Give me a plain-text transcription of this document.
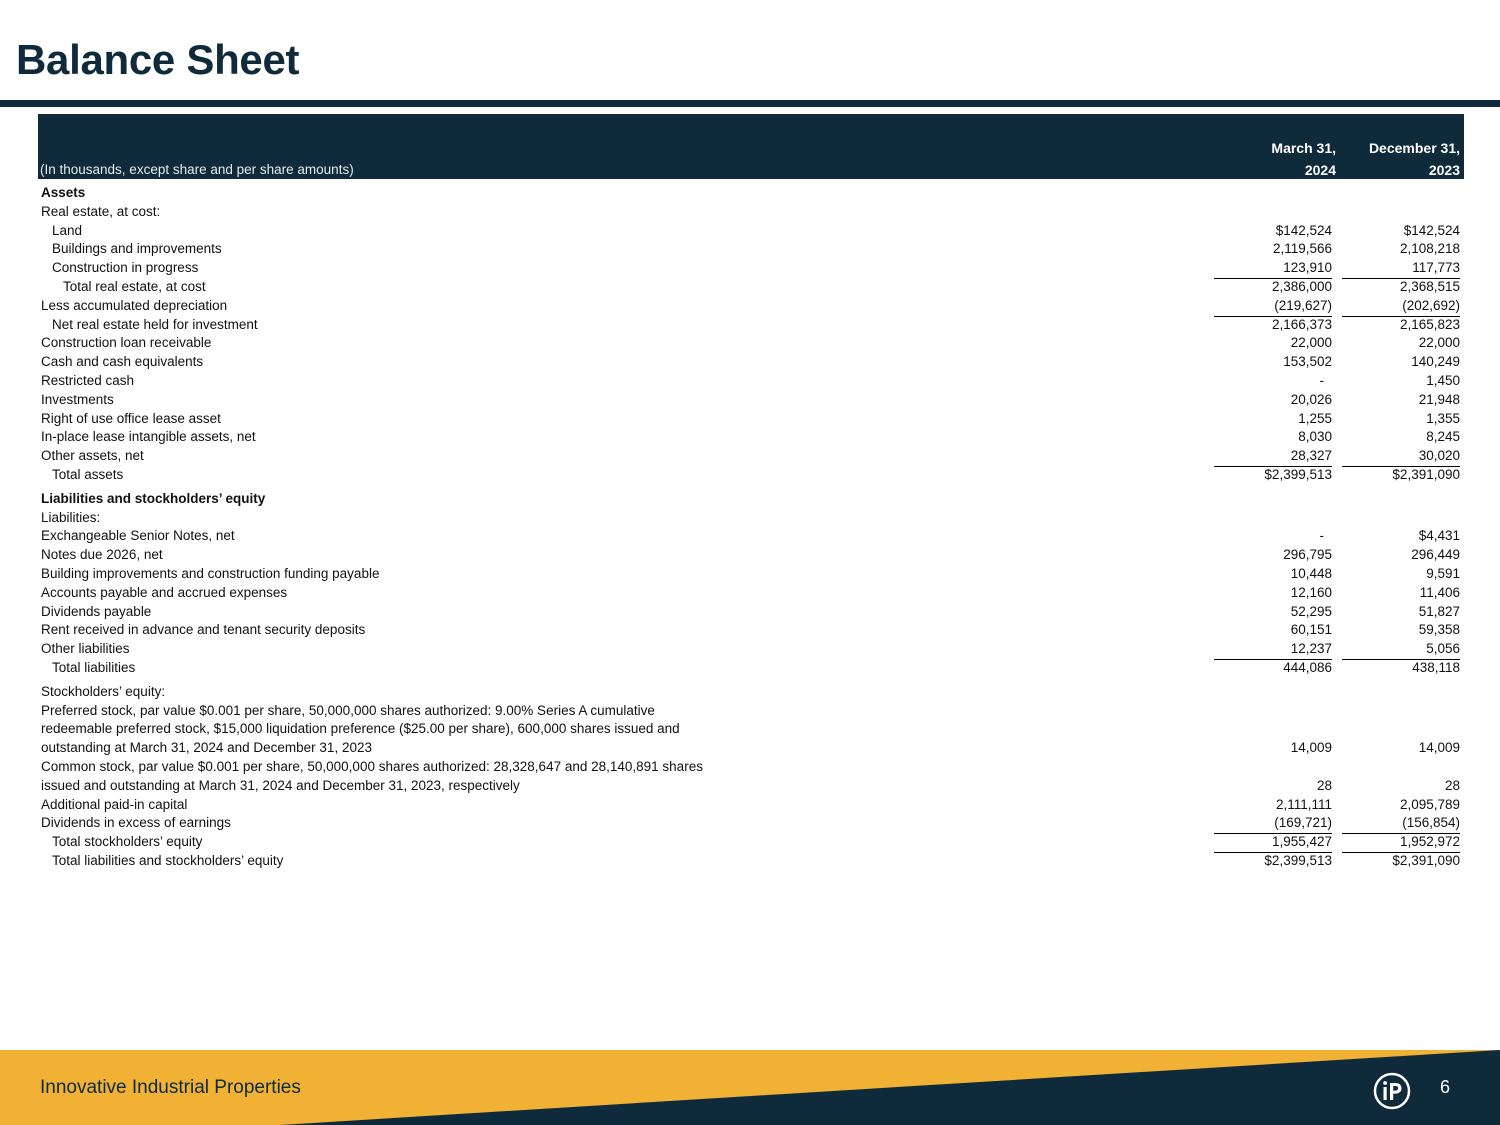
Balance Sheet
(In thousands, except share and per share amounts)
March 31,
2024
December 31,
2023
Assets
Real estate, at cost:
Land	$142,524	$142,524
Buildings and improvements	2,119,566	2,108,218
Construction in progress	123,910	117,773
Total real estate, at cost	2,386,000	2,368,515
Less accumulated depreciation	(219,627)	(202,692)
Net real estate held for investment	2,166,373	2,165,823
Construction loan receivable	22,000	22,000
Cash and cash equivalents	153,502	140,249
Restricted cash	-	1,450
Investments	20,026	21,948
Right of use office lease asset	1,255	1,355
In-place lease intangible assets, net	8,030	8,245
Other assets, net	28,327	30,020
Total assets	$2,399,513	$2,391,090
Liabilities and stockholders’ equity
Liabilities:
Exchangeable Senior Notes, net	-	$4,431
Notes due 2026, net	296,795	296,449
Building improvements and construction funding payable	10,448	9,591
Accounts payable and accrued expenses	12,160	11,406
Dividends payable	52,295	51,827
Rent received in advance and tenant security deposits	60,151	59,358
Other liabilities	12,237	5,056
Total liabilities	444,086	438,118
Stockholders’ equity:
Preferred stock, par value $0.001 per share, 50,000,000 shares authorized: 9.00% Series A cumulative
redeemable preferred stock, $15,000 liquidation preference ($25.00 per share), 600,000 shares issued and
outstanding at March 31, 2024 and December 31, 2023	14,009	14,009
Common stock, par value $0.001 per share, 50,000,000 shares authorized: 28,328,647 and 28,140,891 shares
issued and outstanding at March 31, 2024 and December 31, 2023, respectively	28	28
Additional paid-in capital	2,111,111	2,095,789
Dividends in excess of earnings	(169,721)	(156,854)
Total stockholders’ equity	1,955,427	1,952,972
Total liabilities and stockholders’ equity	$2,399,513	$2,391,090
Innovative Industrial Properties	6
